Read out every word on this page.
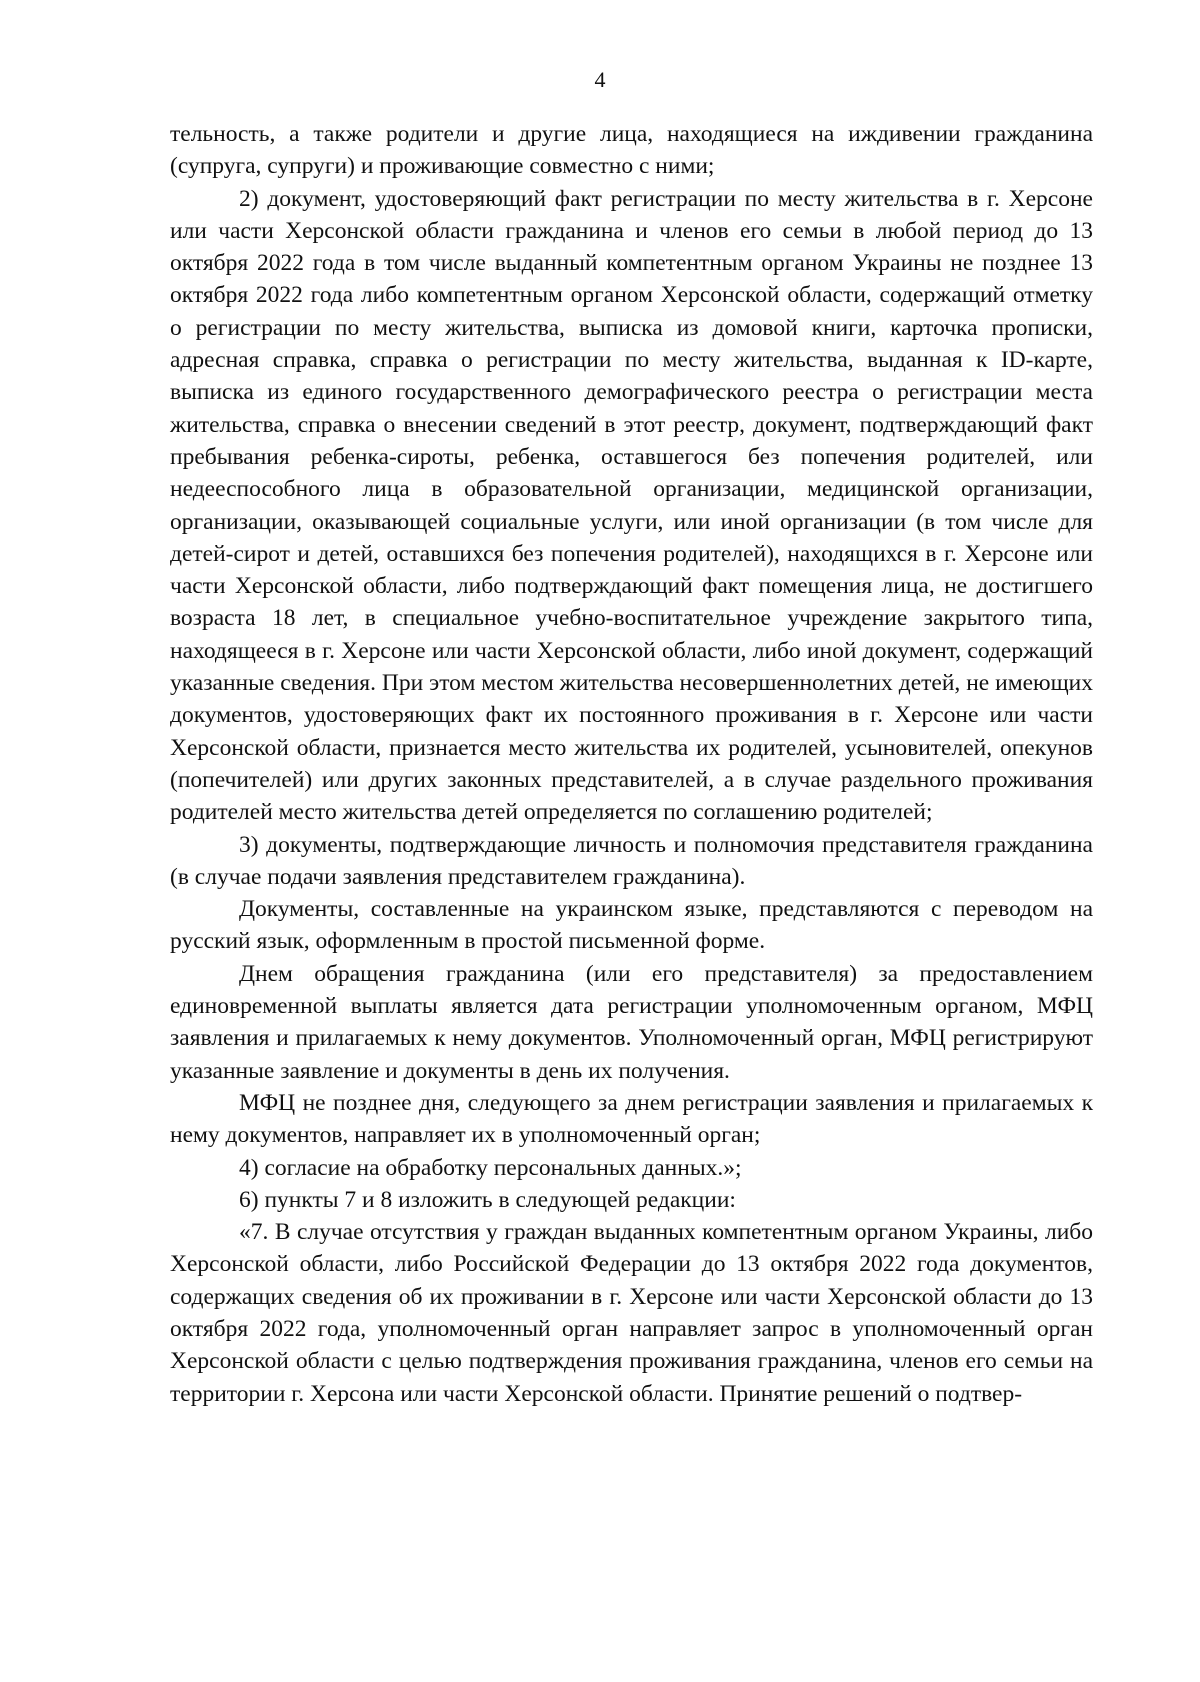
4

тельность, а также родители и другие лица, находящиеся на иждивении гражданина (супруга, супруги) и проживающие совместно с ними;

2) документ, удостоверяющий факт регистрации по месту жительства в г. Херсоне или части Херсонской области гражданина и членов его семьи в любой период до 13 октября 2022 года в том числе выданный компетентным органом Украины не позднее 13 октября 2022 года либо компетентным органом Херсонской области, содержащий отметку о регистрации по месту жительства, выписка из домовой книги, карточка прописки, адресная справка, справка о регистрации по месту жительства, выданная к ID-карте, выписка из единого государственного демографического реестра о регистрации места жительства, справка о внесении сведений в этот реестр, документ, подтверждающий факт пребывания ребенка-сироты, ребенка, оставшегося без попечения родителей, или недееспособного лица в образовательной организации, медицинской организации, организации, оказывающей социальные услуги, или иной организации (в том числе для детей-сирот и детей, оставшихся без попечения родителей), находящихся в г. Херсоне или части Херсонской области, либо подтверждающий факт помещения лица, не достигшего возраста 18 лет, в специальное учебно-воспитательное учреждение закрытого типа, находящееся в г. Херсоне или части Херсонской области, либо иной документ, содержащий указанные сведения. При этом местом жительства несовершеннолетних детей, не имеющих документов, удостоверяющих факт их постоянного проживания в г. Херсоне или части Херсонской области, признается место жительства их родителей, усыновителей, опекунов (попечителей) или других законных представителей, а в случае раздельного проживания родителей место жительства детей определяется по соглашению родителей;

3) документы, подтверждающие личность и полномочия представителя гражданина (в случае подачи заявления представителем гражданина).

Документы, составленные на украинском языке, представляются с переводом на русский язык, оформленным в простой письменной форме.

Днем обращения гражданина (или его представителя) за предоставлением единовременной выплаты является дата регистрации уполномоченным органом, МФЦ заявления и прилагаемых к нему документов. Уполномоченный орган, МФЦ регистрируют указанные заявление и документы в день их получения.

МФЦ не позднее дня, следующего за днем регистрации заявления и прилагаемых к нему документов, направляет их в уполномоченный орган;

4) согласие на обработку персональных данных.»;

6) пункты 7 и 8 изложить в следующей редакции:

«7. В случае отсутствия у граждан выданных компетентным органом Украины, либо Херсонской области, либо Российской Федерации до 13 октября 2022 года документов, содержащих сведения об их проживании в г. Херсоне или части Херсонской области до 13 октября 2022 года, уполномоченный орган направляет запрос в уполномоченный орган Херсонской области с целью подтверждения проживания гражданина, членов его семьи на территории г. Херсона или части Херсонской области. Принятие решений о подтвер-
